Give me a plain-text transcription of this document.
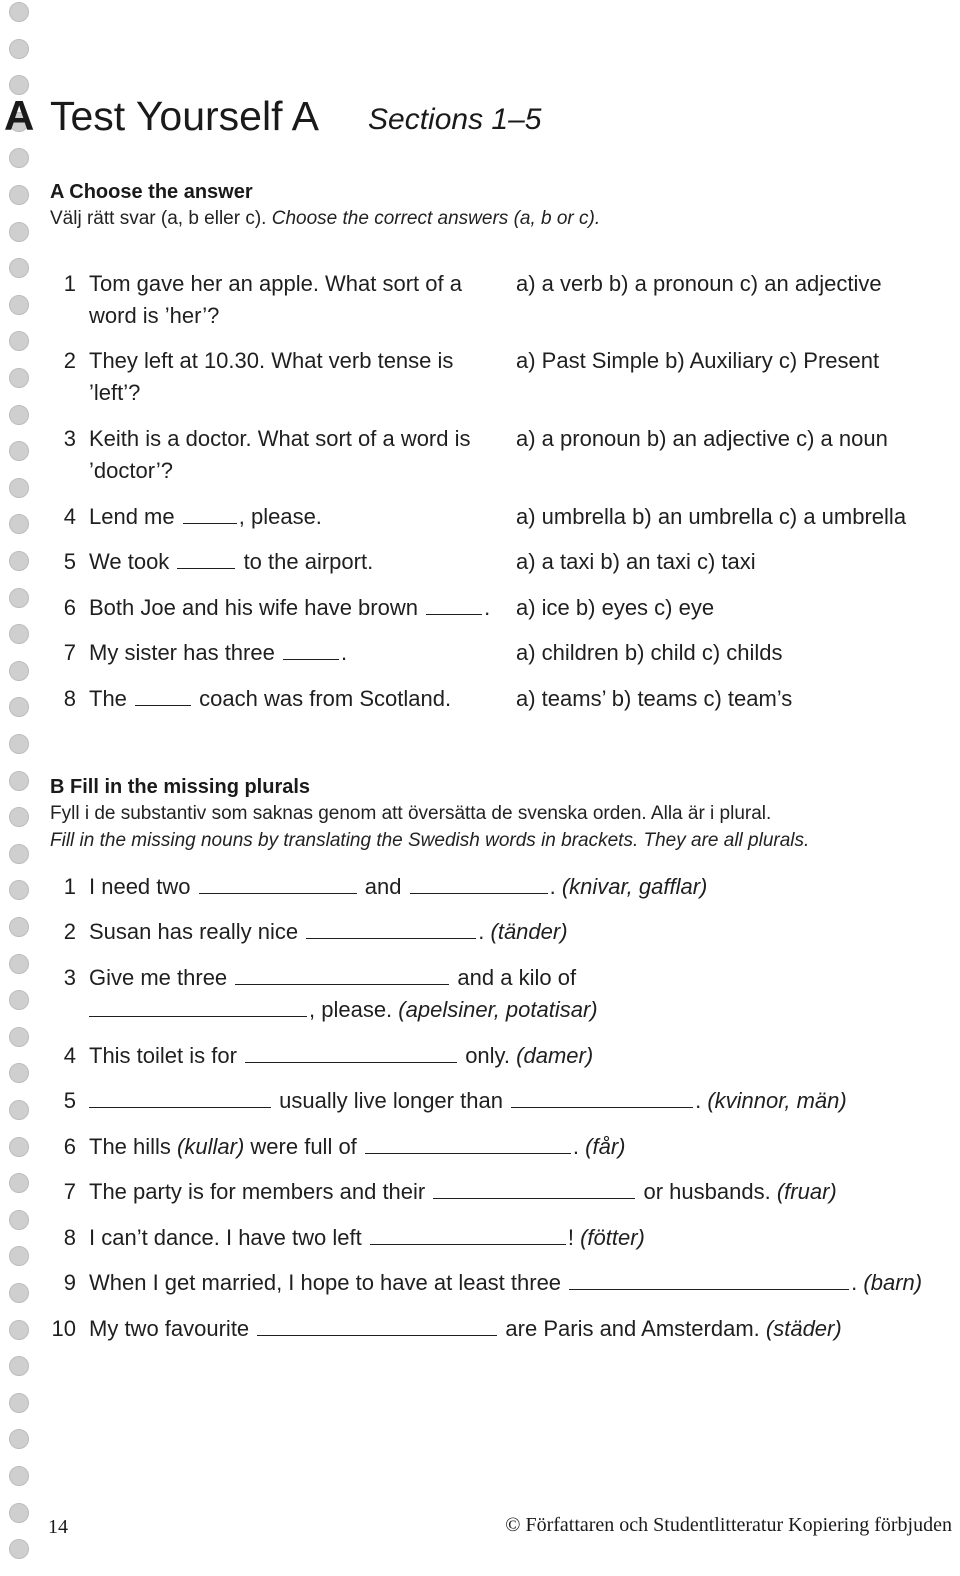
A Test Yourself A Sections 1–5
A Choose the answer
Välj rätt svar (a, b eller c). Choose the correct answers (a, b or c).
1 Tom gave her an apple. What sort of a word is ’her’?
a) a verb b) a pronoun c) an adjective
2 They left at 10.30. What verb tense is ’left’?
a) Past Simple b) Auxiliary c) Present
3 Keith is a doctor. What sort of a word is ’doctor’?
a) a pronoun b) an adjective c) a noun
4 Lend me	, please.	a) umbrella b) an umbrella c) a umbrella
5 We took	to the airport.	a) a taxi b) an taxi c) taxi
6 Both Joe and his wife have brown	. a) ice b) eyes c) eye
7 My sister has three	.	a) children b) child c) childs
8 The	coach was from Scotland.	a) teams’ b) teams c) team’s
B Fill in the missing plurals
Fyll i de substantiv som saknas genom att översätta de svenska orden. Alla är i plural.
Fill in the missing nouns by translating the Swedish words in brackets. They are all plurals.
1 I need two	and	. (knivar, gafflar)
2 Susan has really nice	. (tänder)
3 Give me three	and a kilo of
, please. (apelsiner, potatisar)
4 This toilet is for	only. (damer)
5	usually live longer than	. (kvinnor, män)
6 The hills (kullar) were full of	. (får)
7 The party is for members and their	or husbands. (fruar)
8 I can’t dance. I have two left	! (fötter)
9 When I get married, I hope to have at least three	. (barn)
10 My two favourite	are Paris and Amsterdam. (städer)
14	© Författaren och Studentlitteratur Kopiering förbjuden
